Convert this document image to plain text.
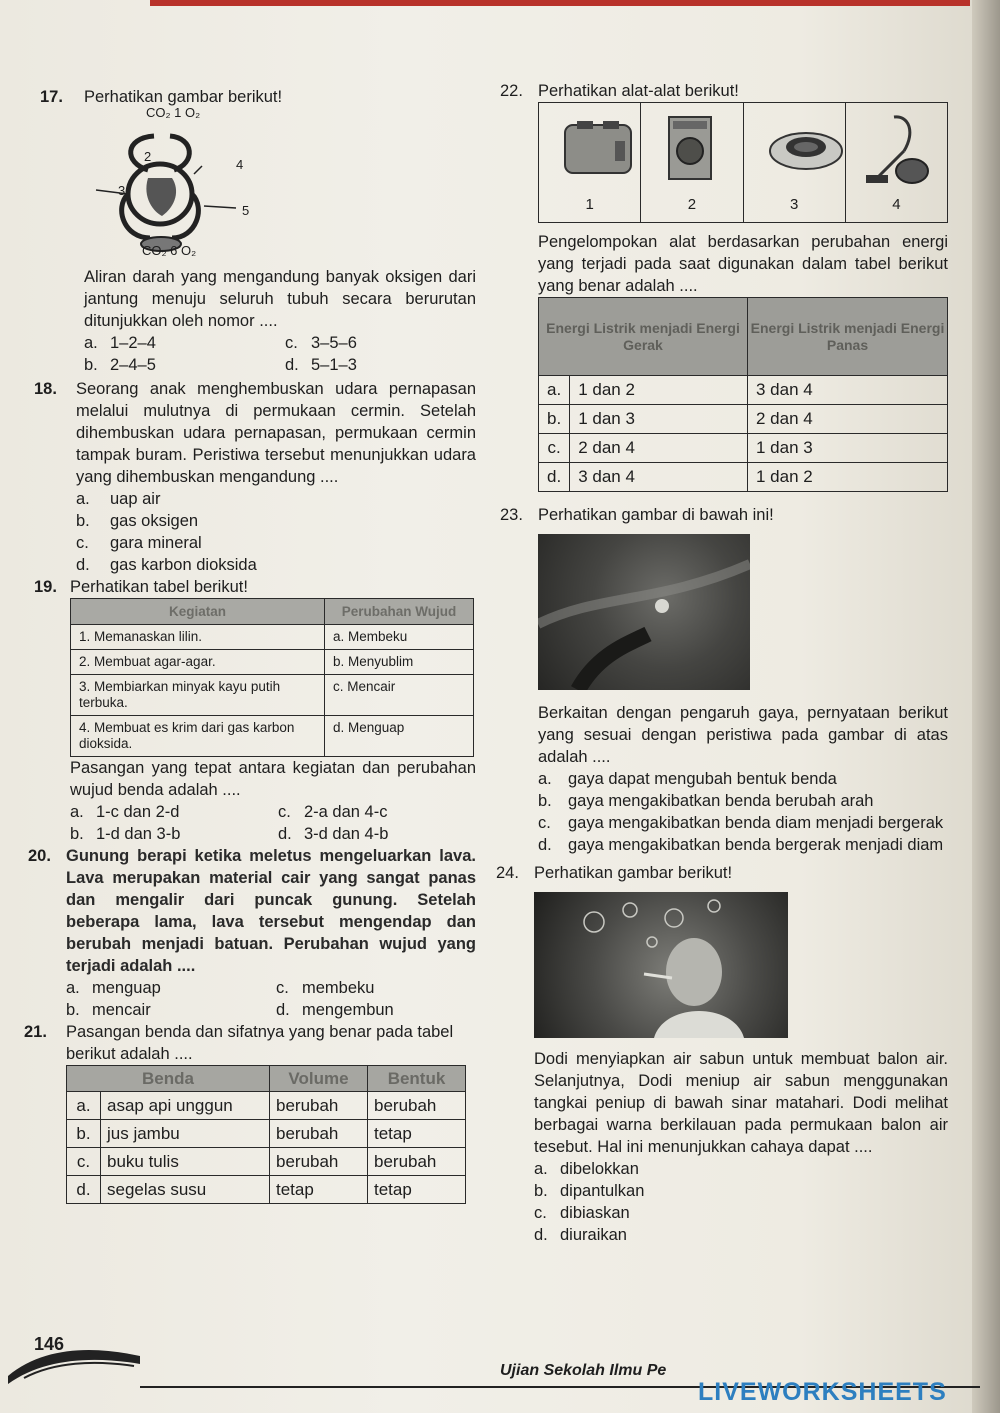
17. Perhatikan gambar berikut!
CO₂ 1 O₂
2
4
3
5
CO₂ 6 O₂
Aliran darah yang mengandung banyak oksigen dari jantung menuju seluruh tubuh secara berurutan ditunjukkan oleh nomor ....
a. 1–2–4	c. 3–5–6
b. 2–4–5	d. 5–1–3
18. Seorang anak menghembuskan udara pernapasan melalui mulutnya di permukaan cermin. Setelah dihembuskan udara pernapasan, permukaan cermin tampak buram. Peristiwa tersebut menunjukkan udara yang dihembuskan mengandung ....
a.	uap air
b.	gas oksigen
c.	gara mineral
d.	gas karbon dioksida
19. Perhatikan tabel berikut!
Kegiatan	Perubahan Wujud
1. Memanaskan lilin.	a. Membeku
2. Membuat agar-agar.	b. Menyublim
3. Membiarkan minyak kayu putih terbuka.	c. Mencair
4. Membuat es krim dari gas karbon dioksida.	d. Menguap
Pasangan yang tepat antara kegiatan dan perubahan wujud benda adalah ....
a. 1-c dan 2-d	c. 2-a dan 4-c
b. 1-d dan 3-b	d. 3-d dan 4-b
20. Gunung berapi ketika meletus mengeluarkan lava. Lava merupakan material cair yang sangat panas dan mengalir dari puncak gunung. Setelah beberapa lama, lava tersebut mengendap dan berubah menjadi batuan. Perubahan wujud yang terjadi adalah ....
a. menguap	c. membeku
b. mencair	d. mengembun
21. Pasangan benda dan sifatnya yang benar pada tabel berikut adalah ....
Benda		Volume	Bentuk
a.	asap api unggun	berubah	berubah
b.	jus jambu	berubah	tetap
c.	buku tulis	berubah	berubah
d.	segelas susu	tetap	tetap
22. Perhatikan alat-alat berikut!
1	2	3	4
Pengelompokan alat berdasarkan perubahan energi yang terjadi pada saat digunakan dalam tabel berikut yang benar adalah ....
Energi Listrik menjadi Energi Gerak		Energi Listrik menjadi Energi Panas
a.	1 dan 2	3 dan 4
b.	1 dan 3	2 dan 4
c.	2 dan 4	1 dan 3
d.	3 dan 4	1 dan 2
23. Perhatikan gambar di bawah ini!
Berkaitan dengan pengaruh gaya, pernyataan berikut yang sesuai dengan peristiwa pada gambar di atas adalah ....
a. gaya dapat mengubah bentuk benda
b. gaya mengakibatkan benda berubah arah
c.	gaya mengakibatkan benda diam menjadi bergerak
d. gaya mengakibatkan benda bergerak menjadi diam
24. Perhatikan gambar berikut!
Dodi menyiapkan air sabun untuk membuat balon air. Selanjutnya, Dodi meniup air sabun menggunakan tangkai peniup di bawah sinar matahari. Dodi melihat berbagai warna berkilauan pada permukaan balon air tesebut. Hal ini menunjukkan cahaya dapat ....
a. dibelokkan
b. dipantulkan
c. dibiaskan
d. diuraikan
146
Ujian Sekolah Ilmu Pe
LIVEWORKSHEETS
